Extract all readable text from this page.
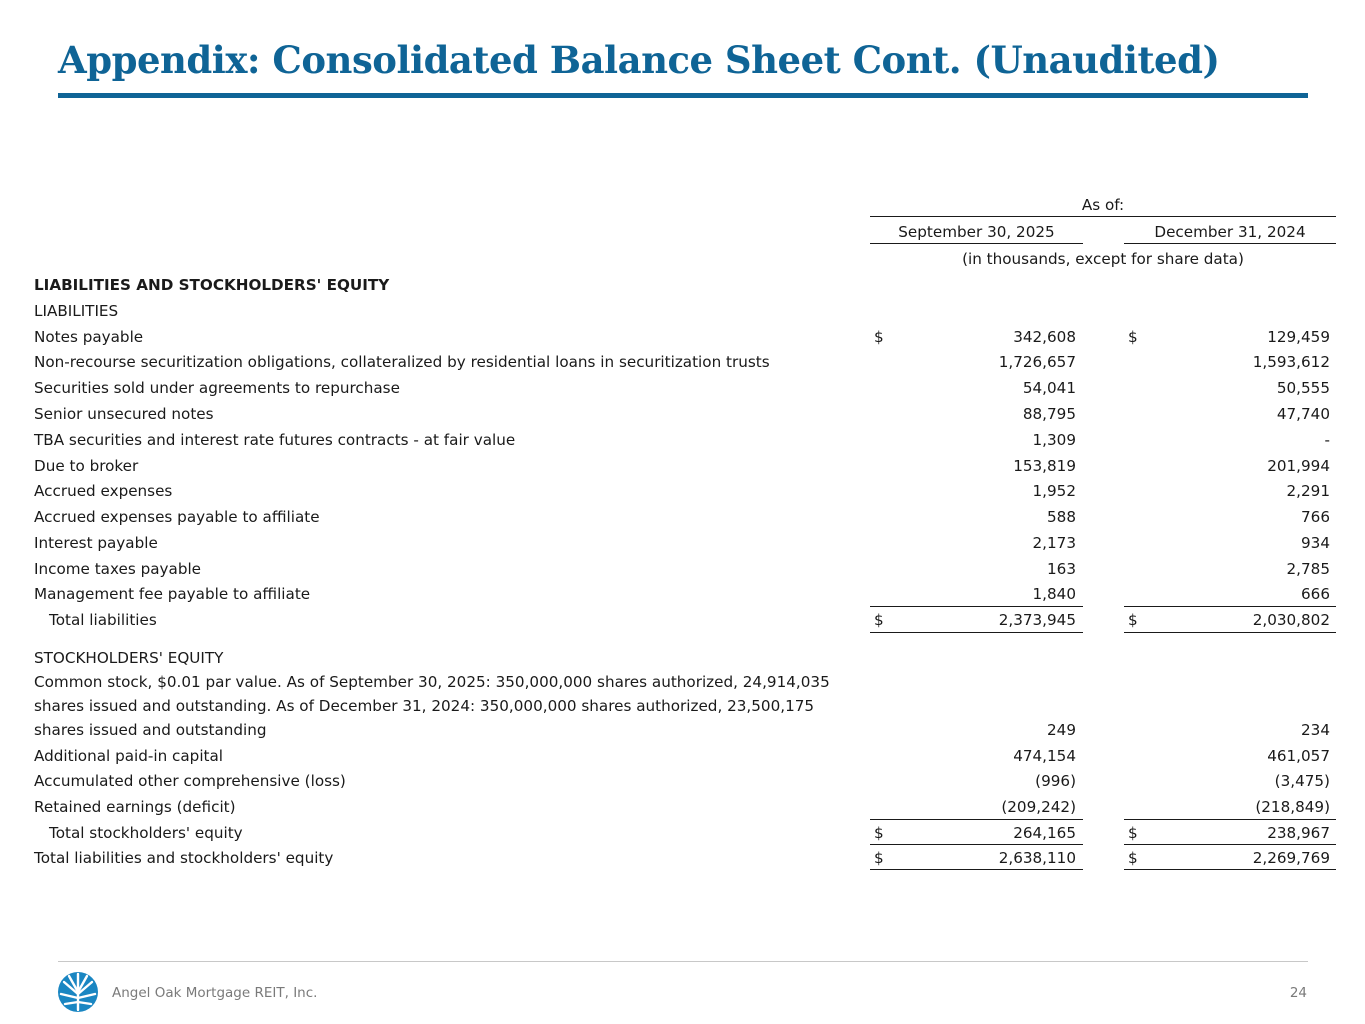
Appendix: Consolidated Balance Sheet Cont. (Unaudited)
As of:
September 30, 2025	December 31, 2024
(in thousands, except for share data)
LIABILITIES AND STOCKHOLDERS' EQUITY
LIABILITIES
Notes payable	$	342,608	$	129,459
Non-recourse securitization obligations, collateralized by residential loans in securitization trusts	1,726,657	1,593,612
Securities sold under agreements to repurchase	54,041	50,555
Senior unsecured notes	88,795	47,740
TBA securities and interest rate futures contracts - at fair value	1,309	-
Due to broker	153,819	201,994
Accrued expenses	1,952	2,291
Accrued expenses payable to affiliate	588	766
Interest payable	2,173	934
Income taxes payable	163	2,785
Management fee payable to affiliate	1,840	666
Total liabilities	$	2,373,945	$	2,030,802
STOCKHOLDERS' EQUITY
Common stock, $0.01 par value. As of September 30, 2025: 350,000,000 shares authorized, 24,914,035
shares issued and outstanding. As of December 31, 2024: 350,000,000 shares authorized, 23,500,175
shares issued and outstanding	249	234
Additional paid-in capital	474,154	461,057
Accumulated other comprehensive (loss)	(996)	(3,475)
Retained earnings (deficit)	(209,242)	(218,849)
Total stockholders' equity	$	264,165	$	238,967
Total liabilities and stockholders' equity	$	2,638,110	$	2,269,769
Angel Oak Mortgage REIT, Inc.	24
